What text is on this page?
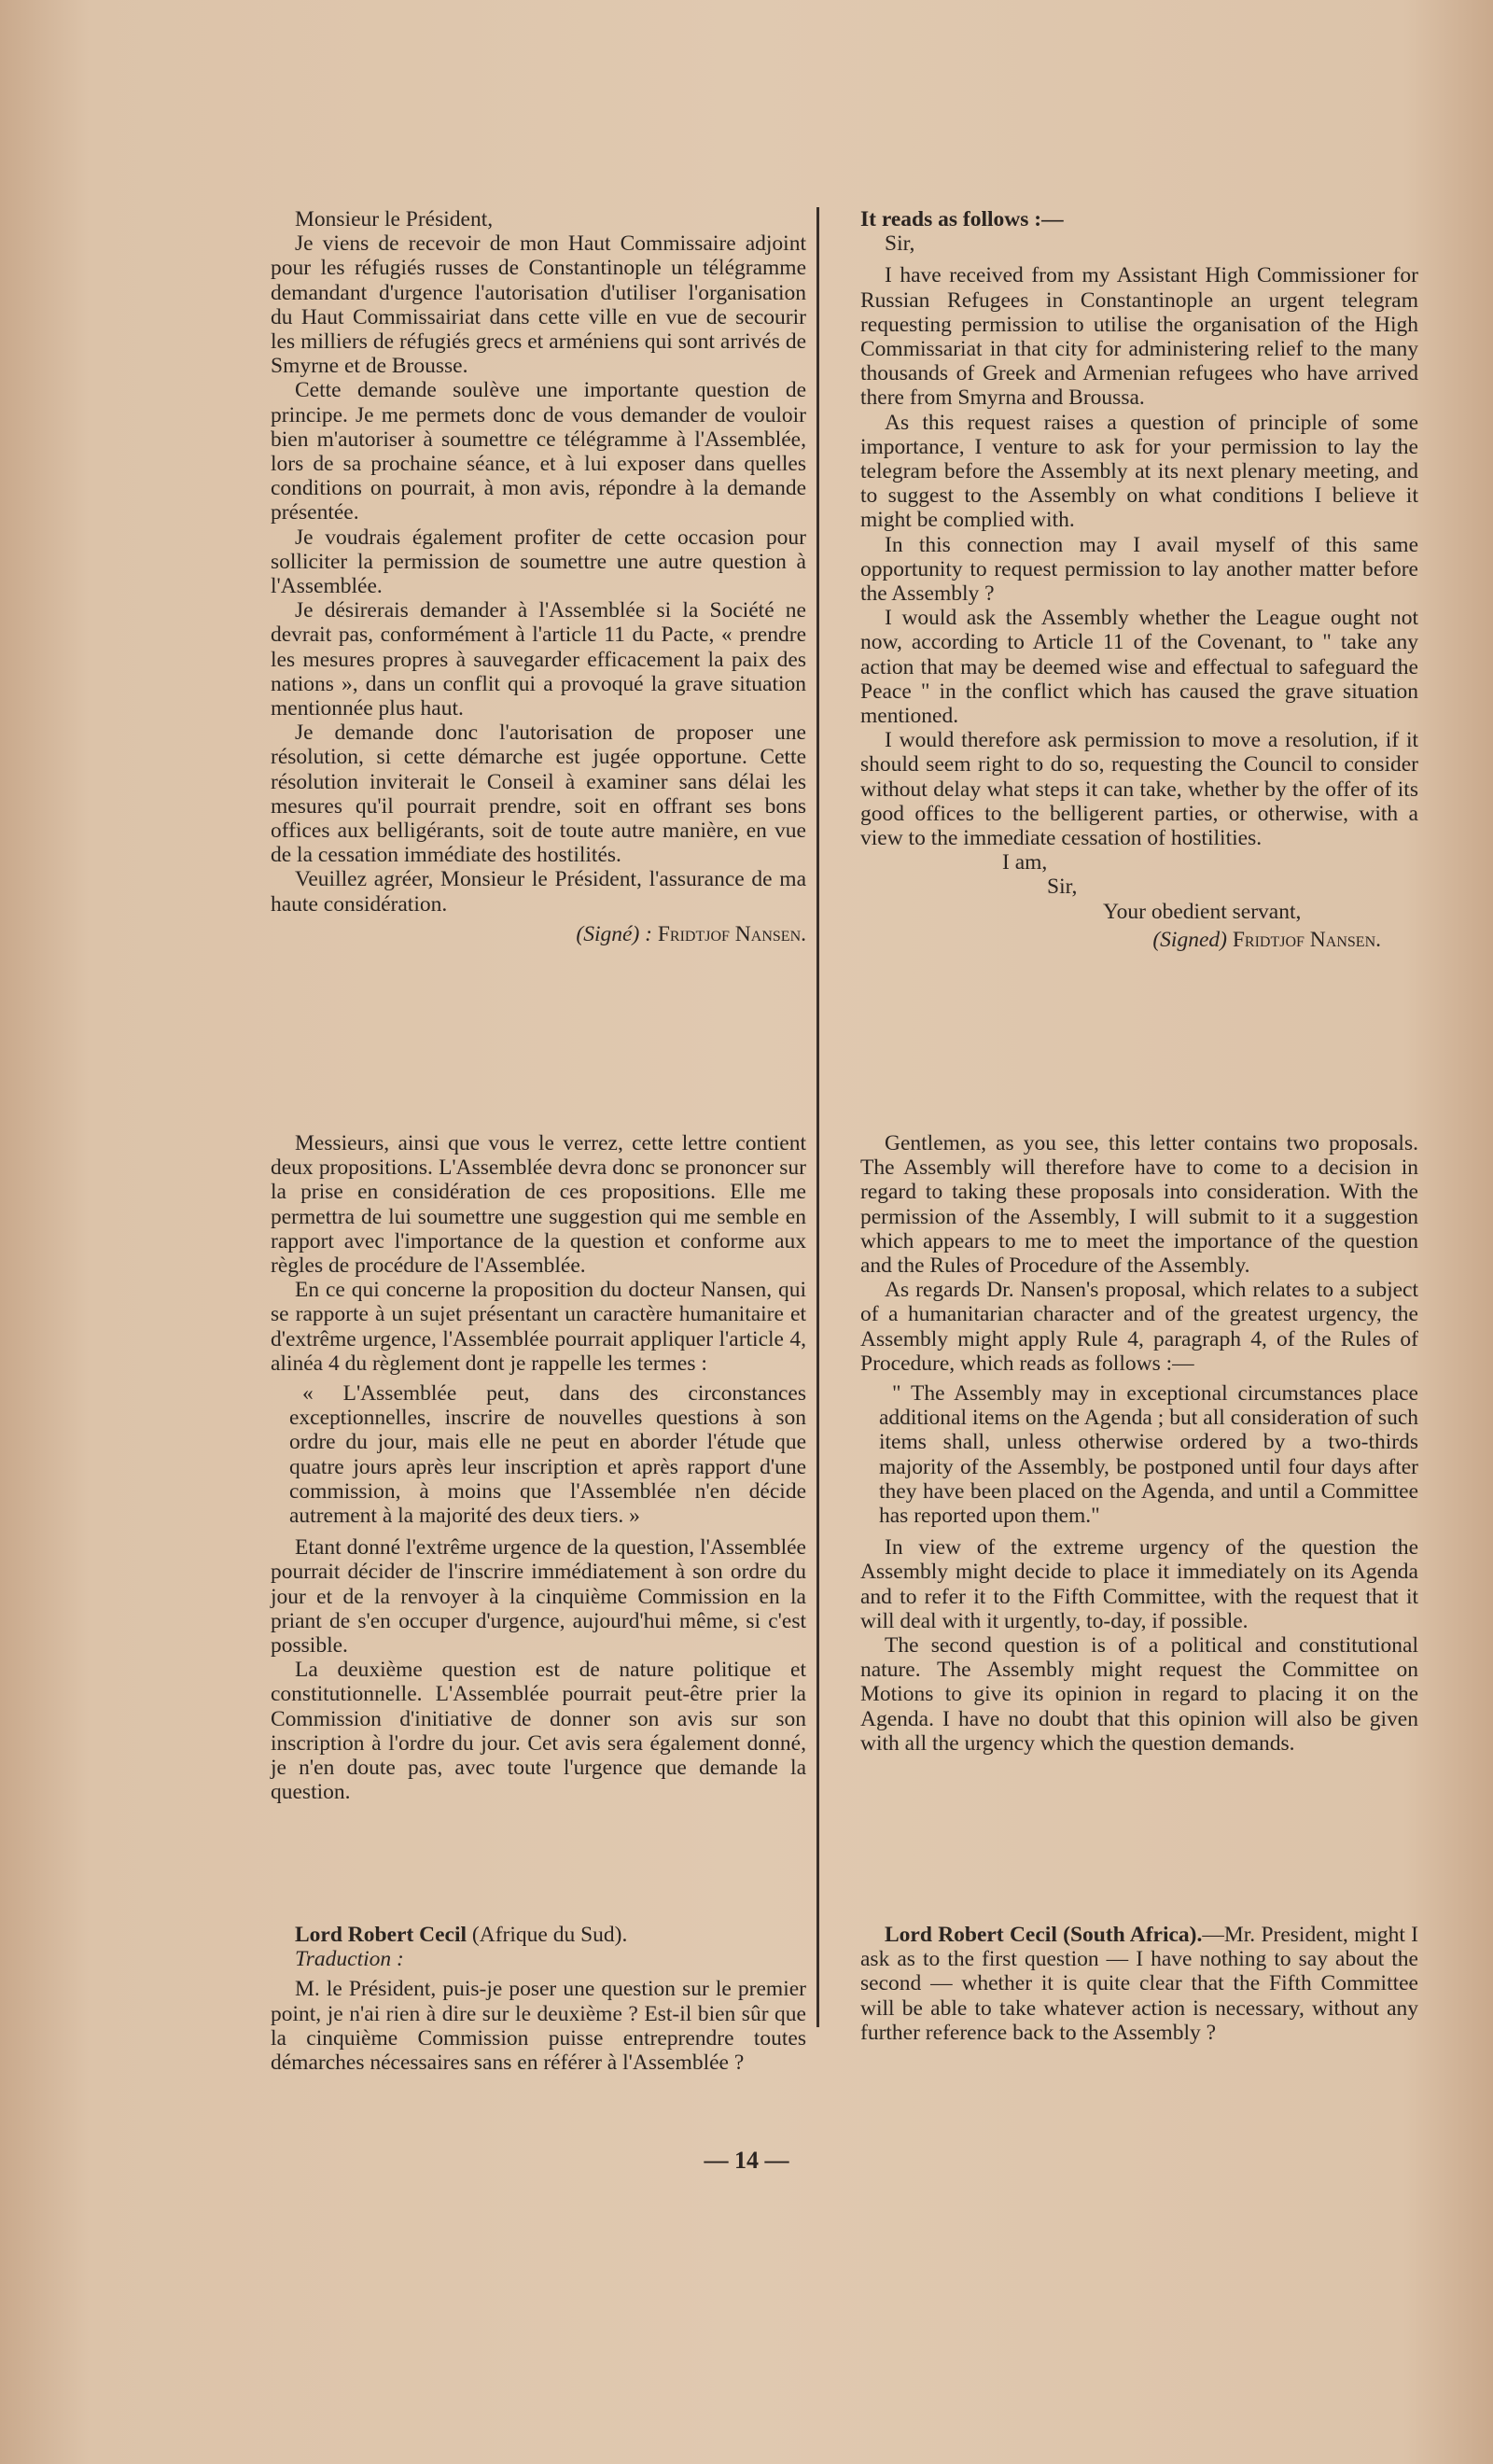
Monsieur le Président,

Je viens de recevoir de mon Haut Commissaire adjoint pour les réfugiés russes de Constantinople un télégramme demandant d'urgence l'autorisation d'utiliser l'organisation du Haut Commissairiat dans cette ville en vue de secourir les milliers de réfugiés grecs et arméniens qui sont arrivés de Smyrne et de Brousse.

Cette demande soulève une importante question de principe. Je me permets donc de vous demander de vouloir bien m'autoriser à soumettre ce télégramme à l'Assemblée, lors de sa prochaine séance, et à lui exposer dans quelles conditions on pourrait, à mon avis, répondre à la demande présentée.

Je voudrais également profiter de cette occasion pour solliciter la permission de soumettre une autre question à l'Assemblée.

Je désirerais demander à l'Assemblée si la Société ne devrait pas, conformément à l'article 11 du Pacte, « prendre les mesures propres à sauvegarder efficacement la paix des nations », dans un conflit qui a provoqué la grave situation mentionnée plus haut.

Je demande donc l'autorisation de proposer une résolution, si cette démarche est jugée opportune. Cette résolution inviterait le Conseil à examiner sans délai les mesures qu'il pourrait prendre, soit en offrant ses bons offices aux belligérants, soit de toute autre manière, en vue de la cessation immédiate des hostilités.

Veuillez agréer, Monsieur le Président, l'assurance de ma haute considération.

(Signé) : Fridtjof Nansen.

It reads as follows :—

Sir,

I have received from my Assistant High Commissioner for Russian Refugees in Constantinople an urgent telegram requesting permission to utilise the organisation of the High Commissariat in that city for administering relief to the many thousands of Greek and Armenian refugees who have arrived there from Smyrna and Broussa.

As this request raises a question of principle of some importance, I venture to ask for your permission to lay the telegram before the Assembly at its next plenary meeting, and to suggest to the Assembly on what conditions I believe it might be complied with.

In this connection may I avail myself of this same opportunity to request permission to lay another matter before the Assembly ?

I would ask the Assembly whether the League ought not now, according to Article 11 of the Covenant, to " take any action that may be deemed wise and effectual to safeguard the Peace " in the conflict which has caused the grave situation mentioned.

I would therefore ask permission to move a resolution, if it should seem right to do so, requesting the Council to consider without delay what steps it can take, whether by the offer of its good offices to the belligerent parties, or otherwise, with a view to the immediate cessation of hostilities.

I am,

Sir,

Your obedient servant,

(Signed) Fridtjof Nansen.

Messieurs, ainsi que vous le verrez, cette lettre contient deux propositions. L'Assemblée devra donc se prononcer sur la prise en considération de ces propositions. Elle me permettra de lui soumettre une suggestion qui me semble en rapport avec l'importance de la question et conforme aux règles de procédure de l'Assemblée.

En ce qui concerne la proposition du docteur Nansen, qui se rapporte à un sujet présentant un caractère humanitaire et d'extrême urgence, l'Assemblée pourrait appliquer l'article 4, alinéa 4 du règlement dont je rappelle les termes :

« L'Assemblée peut, dans des circonstances exceptionnelles, inscrire de nouvelles questions à son ordre du jour, mais elle ne peut en aborder l'étude que quatre jours après leur inscription et après rapport d'une commission, à moins que l'Assemblée n'en décide autrement à la majorité des deux tiers. »

Etant donné l'extrême urgence de la question, l'Assemblée pourrait décider de l'inscrire immédiatement à son ordre du jour et de la renvoyer à la cinquième Commission en la priant de s'en occuper d'urgence, aujourd'hui même, si c'est possible.

La deuxième question est de nature politique et constitutionnelle. L'Assemblée pourrait peut-être prier la Commission d'initiative de donner son avis sur son inscription à l'ordre du jour. Cet avis sera également donné, je n'en doute pas, avec toute l'urgence que demande la question.

Gentlemen, as you see, this letter contains two proposals. The Assembly will therefore have to come to a decision in regard to taking these proposals into consideration. With the permission of the Assembly, I will submit to it a suggestion which appears to me to meet the importance of the question and the Rules of Procedure of the Assembly.

As regards Dr. Nansen's proposal, which relates to a subject of a humanitarian character and of the greatest urgency, the Assembly might apply Rule 4, paragraph 4, of the Rules of Procedure, which reads as follows :—

" The Assembly may in exceptional circumstances place additional items on the Agenda ; but all consideration of such items shall, unless otherwise ordered by a two-thirds majority of the Assembly, be postponed until four days after they have been placed on the Agenda, and until a Committee has reported upon them."

In view of the extreme urgency of the question the Assembly might decide to place it immediately on its Agenda and to refer it to the Fifth Committee, with the request that it will deal with it urgently, to-day, if possible.

The second question is of a political and constitutional nature. The Assembly might request the Committee on Motions to give its opinion in regard to placing it on the Agenda. I have no doubt that this opinion will also be given with all the urgency which the question demands.

Lord Robert Cecil (Afrique du Sud).

Traduction :

M. le Président, puis-je poser une question sur le premier point, je n'ai rien à dire sur le deuxième ? Est-il bien sûr que la cinquième Commission puisse entreprendre toutes démarches nécessaires sans en référer à l'Assemblée ?

Lord Robert Cecil (South Africa).—Mr. President, might I ask as to the first question — I have nothing to say about the second — whether it is quite clear that the Fifth Committee will be able to take whatever action is necessary, without any further reference back to the Assembly ?

— 14 —
